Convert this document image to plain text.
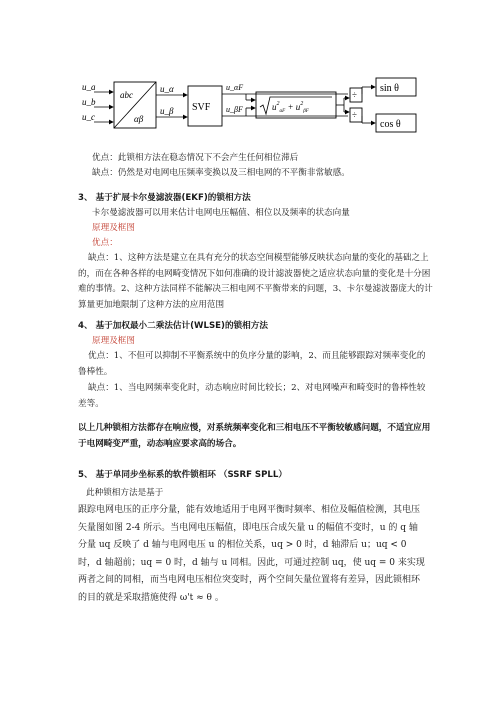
u_a
u_b
u_c
abc
αβ
u_α
u_β SVF
u_αF
u_βF	$u^2_{\alpha F} + u^2_{\beta F}$
÷
÷
sin θ
cos θ
优点：此锁相方法在稳态情况下不会产生任何相位滞后
缺点：仍然是对电网电压频率变换以及三相电网的不平衡非常敏感。
3、 基于扩展卡尔曼滤波器(EKF)的锁相方法
卡尔曼滤波器可以用来估计电网电压幅值、相位以及频率的状态向量
原理及框图
优点：
缺点：1、这种方法是建立在具有充分的状态空间模型能够反映状态向量的变化的基础之上的，而在各种各样的电网畸变情况下如何准确的设计滤波器使之适应状态向量的变化是十分困难的事情。2、这种方法同样不能解决三相电网不平衡带来的问题，3、卡尔曼滤波器庞大的计算量更加地限制了这种方法的应用范围
4、 基于加权最小二乘法估计(WLSE)的锁相方法
原理及框图
优点：1、不但可以抑制不平衡系统中的负序分量的影响，2、而且能够跟踪对频率变化的鲁棒性。
缺点：1、当电网频率变化时，动态响应时间比较长；2、对电网噪声和畸变时的鲁棒性较差等。
以上几种锁相方法都存在响应慢，对系统频率变化和三相电压不平衡较敏感问题，不适宜应用于电网畸变严重，动态响应要求高的场合。
5、 基于单同步坐标系的软件锁相环 （SSRF SPLL）
此种锁相方法是基于
跟踪电网电压的正序分量，能有效地适用于电网平衡时频率、相位及幅值检测，其电压矢量图如图 2-4 所示。当电网电压幅值，即电压合成矢量 u 的幅值不变时，u 的 q 轴分量 uq 反映了 d 轴与电网电压 u 的相位关系，uq > 0 时，d 轴滞后 u；uq < 0 时，d 轴超前；uq = 0 时，d 轴与 u 同相。因此，可通过控制 uq，使 uq = 0 来实现两者之间的同相，而当电网电压相位突变时，两个空间矢量位置将有差异，因此锁相环的目的就是采取措施使得 ω't ≈ θ 。
